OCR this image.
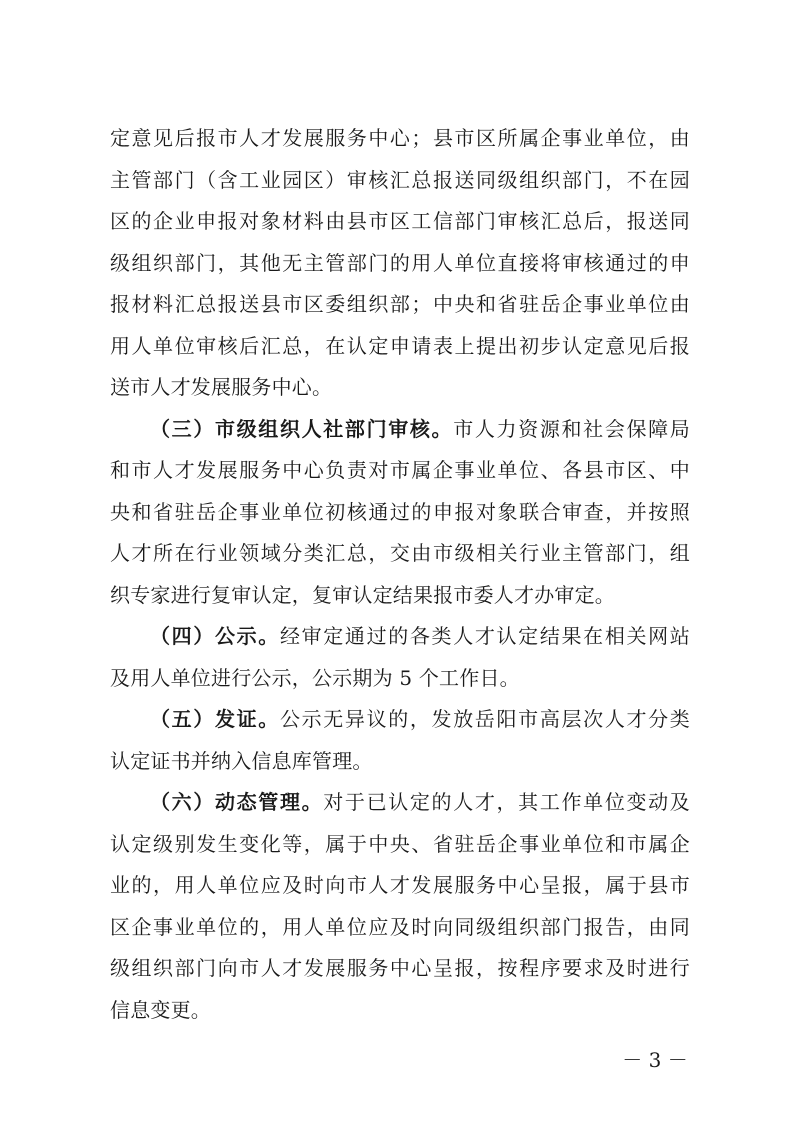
定意见后报市人才发展服务中心；县市区所属企事业单位，由
主管部门（含工业园区）审核汇总报送同级组织部门，不在园
区的企业申报对象材料由县市区工信部门审核汇总后，报送同
级组织部门，其他无主管部门的用人单位直接将审核通过的申
报材料汇总报送县市区委组织部；中央和省驻岳企事业单位由
用人单位审核后汇总，在认定申请表上提出初步认定意见后报
送市人才发展服务中心。
（三）市级组织人社部门审核。市人力资源和社会保障局
和市人才发展服务中心负责对市属企事业单位、各县市区、中
央和省驻岳企事业单位初核通过的申报对象联合审查，并按照
人才所在行业领域分类汇总，交由市级相关行业主管部门，组
织专家进行复审认定，复审认定结果报市委人才办审定。
（四）公示。经审定通过的各类人才认定结果在相关网站
及用人单位进行公示，公示期为 5 个工作日。
（五）发证。公示无异议的，发放岳阳市高层次人才分类
认定证书并纳入信息库管理。
（六）动态管理。对于已认定的人才，其工作单位变动及
认定级别发生变化等，属于中央、省驻岳企事业单位和市属企
业的，用人单位应及时向市人才发展服务中心呈报，属于县市
区企事业单位的，用人单位应及时向同级组织部门报告，由同
级组织部门向市人才发展服务中心呈报，按程序要求及时进行
信息变更。
－ 3 －
